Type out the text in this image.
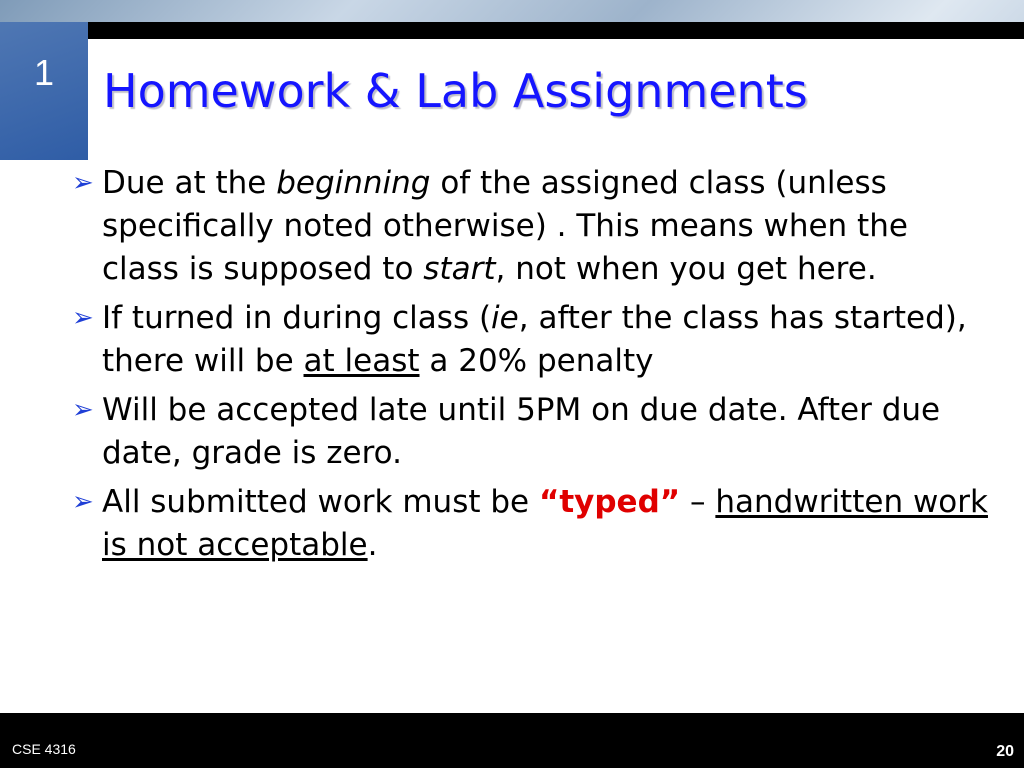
1	Homework & Lab Assignments
➢ Due at the beginning of the assigned class (unless specifically noted otherwise) . This means when the class is supposed to start, not when you get here.
➢ If turned in during class (ie, after the class has started), there will be at least a 20% penalty
➢ Will be accepted late until 5PM on due date. After due date, grade is zero.
➢ All submitted work must be “typed” – handwritten work is not acceptable.
CSE 4316	20
